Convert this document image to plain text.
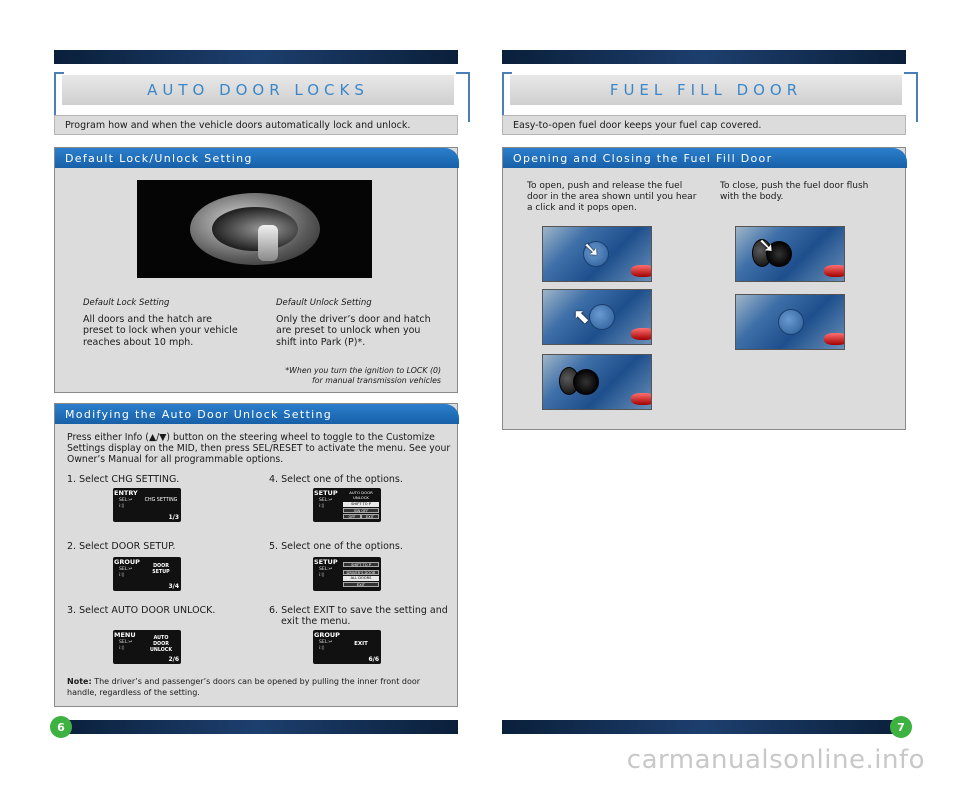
AUTO DOOR LOCKS
Program how and when the vehicle doors automatically lock and unlock.
Default Lock/Unlock Setting
Default Lock Setting
All doors and the hatch are preset to lock when your vehicle reaches about 10 mph.
Default Unlock Setting
Only the driver’s door and hatch are preset to unlock when you shift into Park (P)*.
*When you turn the ignition to LOCK (0) for manual transmission vehicles
Modifying the Auto Door Unlock Setting
Press either Info (▲/▼) button on the steering wheel to toggle to the Customize Settings display on the MID, then press SEL/RESET to activate the menu. See your Owner’s Manual for all programmable options.
1. Select CHG SETTING.
2. Select DOOR SETUP.
3. Select AUTO DOOR UNLOCK.
4. Select one of the options.
5. Select one of the options.
6. Select EXIT to save the setting and exit the menu.
ENTRY
SEL:↵
i:◊
CHG SETTING
1/3
GROUP
SEL:↵
i:◊
DOOR SETUP
3/4
MENU
SEL:↵
i:◊
AUTO DOOR UNLOCK
2/6
SETUP
SEL:↵
i:◊
AUTO DOOR UNLOCK
SHIFT TO P
IGN OFF
OFF	EXIT
SETUP
SEL:↵
i:◊
SHIFT TO P
DRIVER'S DOOR
ALL DOORS
EXIT
GROUP
SEL:↵
i:◊
EXIT
6/6
Note: The driver’s and passenger’s doors can be opened by pulling the inner front door handle, regardless of the setting.
FUEL FILL DOOR
Easy-to-open fuel door keeps your fuel cap covered.
Opening and Closing the Fuel Fill Door
To open, push and release the fuel door in the area shown until you hear a click and it pops open.
To close, push the fuel door flush with the body.
➘
⬉
➘
6	7
carmanualsonline.info
